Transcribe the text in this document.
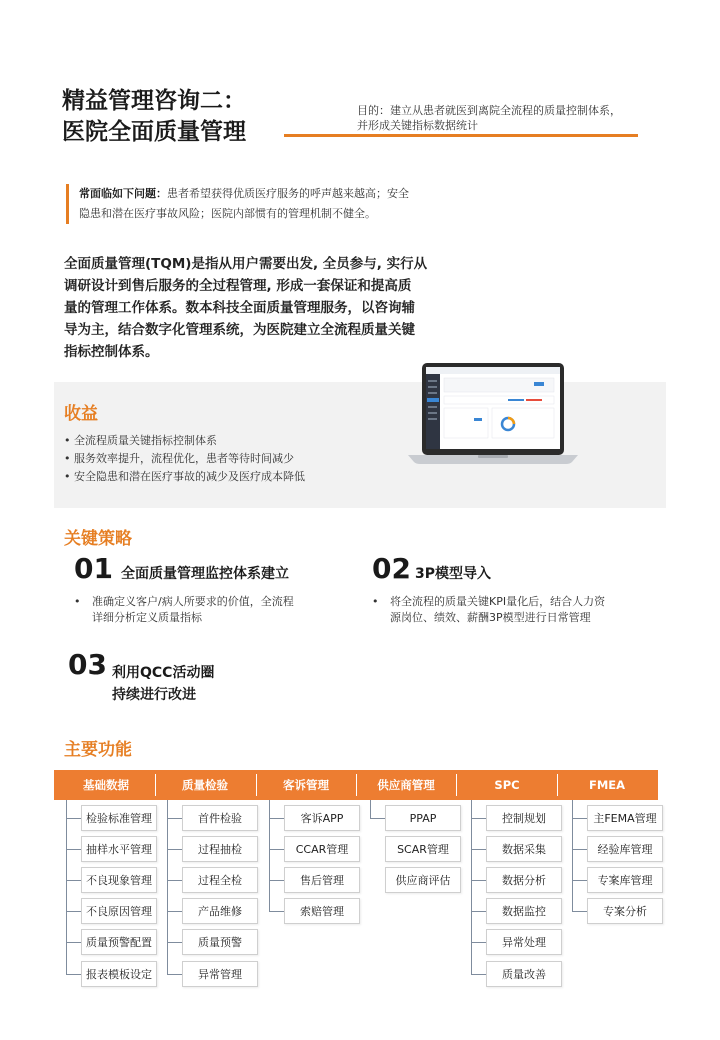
精益管理咨询二：
医院全面质量管理
目的：建立从患者就医到离院全流程的质量控制体系，
并形成关键指标数据统计
常面临如下问题：患者希望获得优质医疗服务的呼声越来越高；安全
隐患和潜在医疗事故风险；医院内部惯有的管理机制不健全。
全面质量管理(TQM)是指从用户需要出发, 全员参与, 实行从
调研设计到售后服务的全过程管理, 形成一套保证和提高质
量的管理工作体系。数本科技全面质量管理服务，以咨询辅
导为主，结合数字化管理系统，为医院建立全流程质量关键
指标控制体系。
收益
• 全流程质量关键指标控制体系
• 服务效率提升，流程优化，患者等待时间减少
• 安全隐患和潜在医疗事故的减少及医疗成本降低
关键策略
01 全面质量管理监控体系建立
• 准确定义客户/病人所要求的价值，全流程
详细分析定义质量指标
02 3P模型导入
• 将全流程的质量关键KPI量化后，结合人力资
源岗位、绩效、薪酬3P模型进行日常管理
03 利用QCC活动圈
持续进行改进
主要功能
基础数据
检验标准管理
抽样水平管理
不良现象管理
不良原因管理
质量预警配置
报表模板设定
质量检验
首件检验
过程抽检
过程全检
产品维修
质量预警
异常管理
客诉管理
客诉APP
CCAR管理
售后管理
索赔管理
供应商管理
PPAP
SCAR管理
供应商评估
SPC
控制规划
数据采集
数据分析
数据监控
异常处理
质量改善
FMEA
主FEMA管理
经验库管理
专案库管理
专案分析
